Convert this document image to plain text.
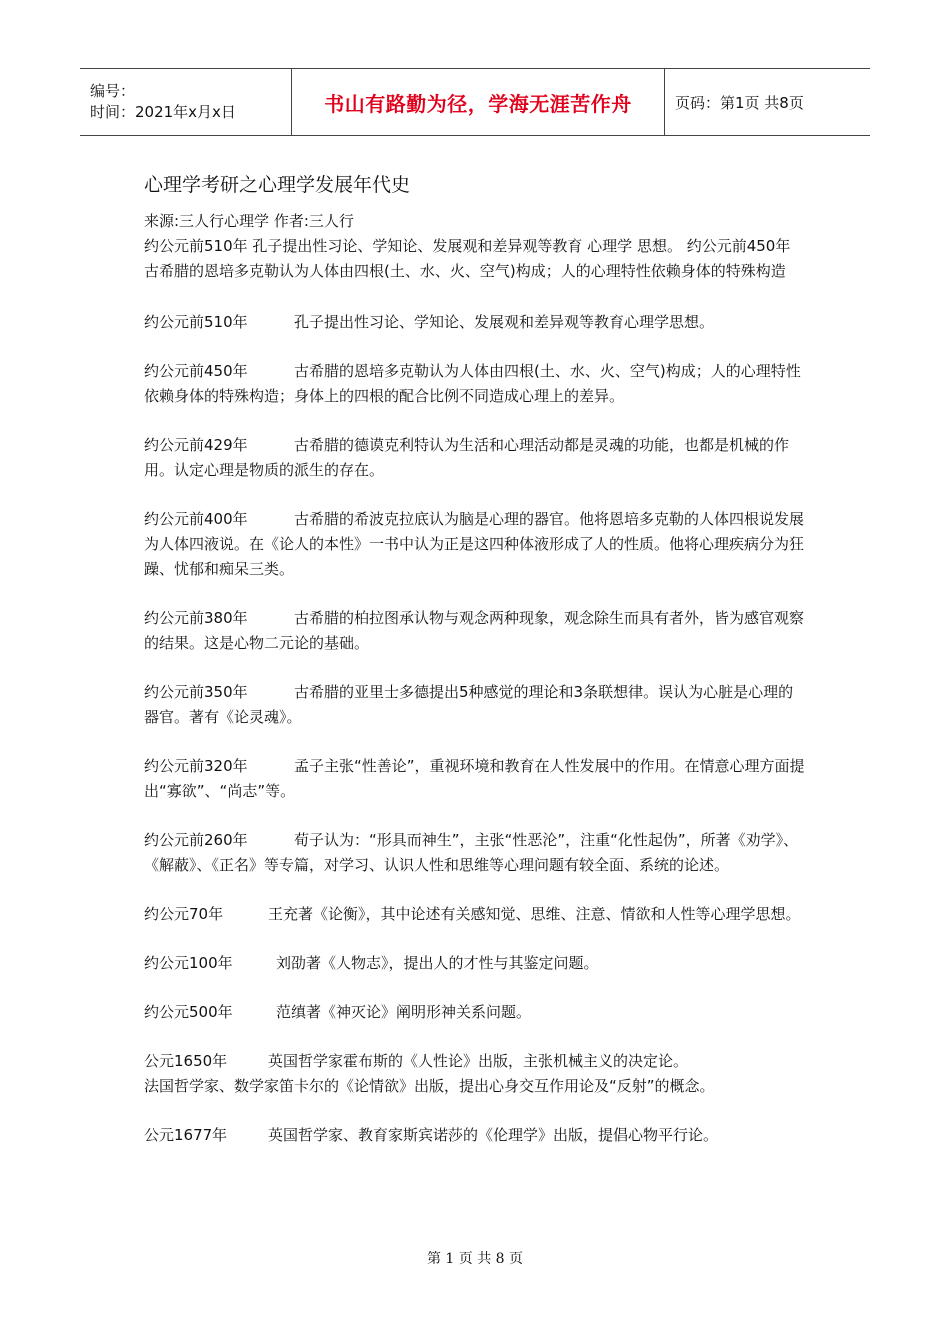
编号：
时间：2021年x月x日	书山有路勤为径，学海无涯苦作舟	页码：第1页 共8页
心理学考研之心理学发展年代史

来源:三人行心理学 作者:三人行

约公元前510年 孔子提出性习论、学知论、发展观和差异观等教育 心理学 思想。 约公元前450年 古希腊的恩培多克勒认为人体由四根(土、水、火、空气)构成；人的心理特性依赖身体的特殊构造

约公元前510年	孔子提出性习论、学知论、发展观和差异观等教育心理学思想。

约公元前450年	古希腊的恩培多克勒认为人体由四根(土、水、火、空气)构成；人的心理特性依赖身体的特殊构造；身体上的四根的配合比例不同造成心理上的差异。

约公元前429年	古希腊的德谟克利特认为生活和心理活动都是灵魂的功能，也都是机械的作用。认定心理是物质的派生的存在。

约公元前400年	古希腊的希波克拉底认为脑是心理的器官。他将恩培多克勒的人体四根说发展为人体四液说。在《论人的本性》一书中认为正是这四种体液形成了人的性质。他将心理疾病分为狂躁、忧郁和痴呆三类。

约公元前380年	古希腊的柏拉图承认物与观念两种现象，观念除生而具有者外，皆为感官观察的结果。这是心物二元论的基础。

约公元前350年	古希腊的亚里士多德提出5种感觉的理论和3条联想律。误认为心脏是心理的器官。著有《论灵魂》。

约公元前320年	孟子主张“性善论”，重视环境和教育在人性发展中的作用。在情意心理方面提出“寡欲”、“尚志”等。

约公元前260年	荀子认为：“形具而神生”，主张“性恶沦”，注重“化性起伪”，所著《劝学》、《解蔽》、《正名》等专篇，对学习、认识人性和思维等心理问题有较全面、系统的论述。

约公元70年	王充著《论衡》，其中论述有关感知觉、思维、注意、情欲和人性等心理学思想。

约公元100年	刘劭著《人物志》，提出人的才性与其鉴定问题。

约公元500年	范缜著《神灭论》阐明形神关系问题。

公元1650年	英国哲学家霍布斯的《人性论》出版，主张机械主义的决定论。
法国哲学家、数学家笛卡尔的《论情欲》出版，提出心身交互作用论及“反射”的概念。

公元1677年	英国哲学家、教育家斯宾诺莎的《伦理学》出版，提倡心物平行论。

第 1 页 共 8 页
